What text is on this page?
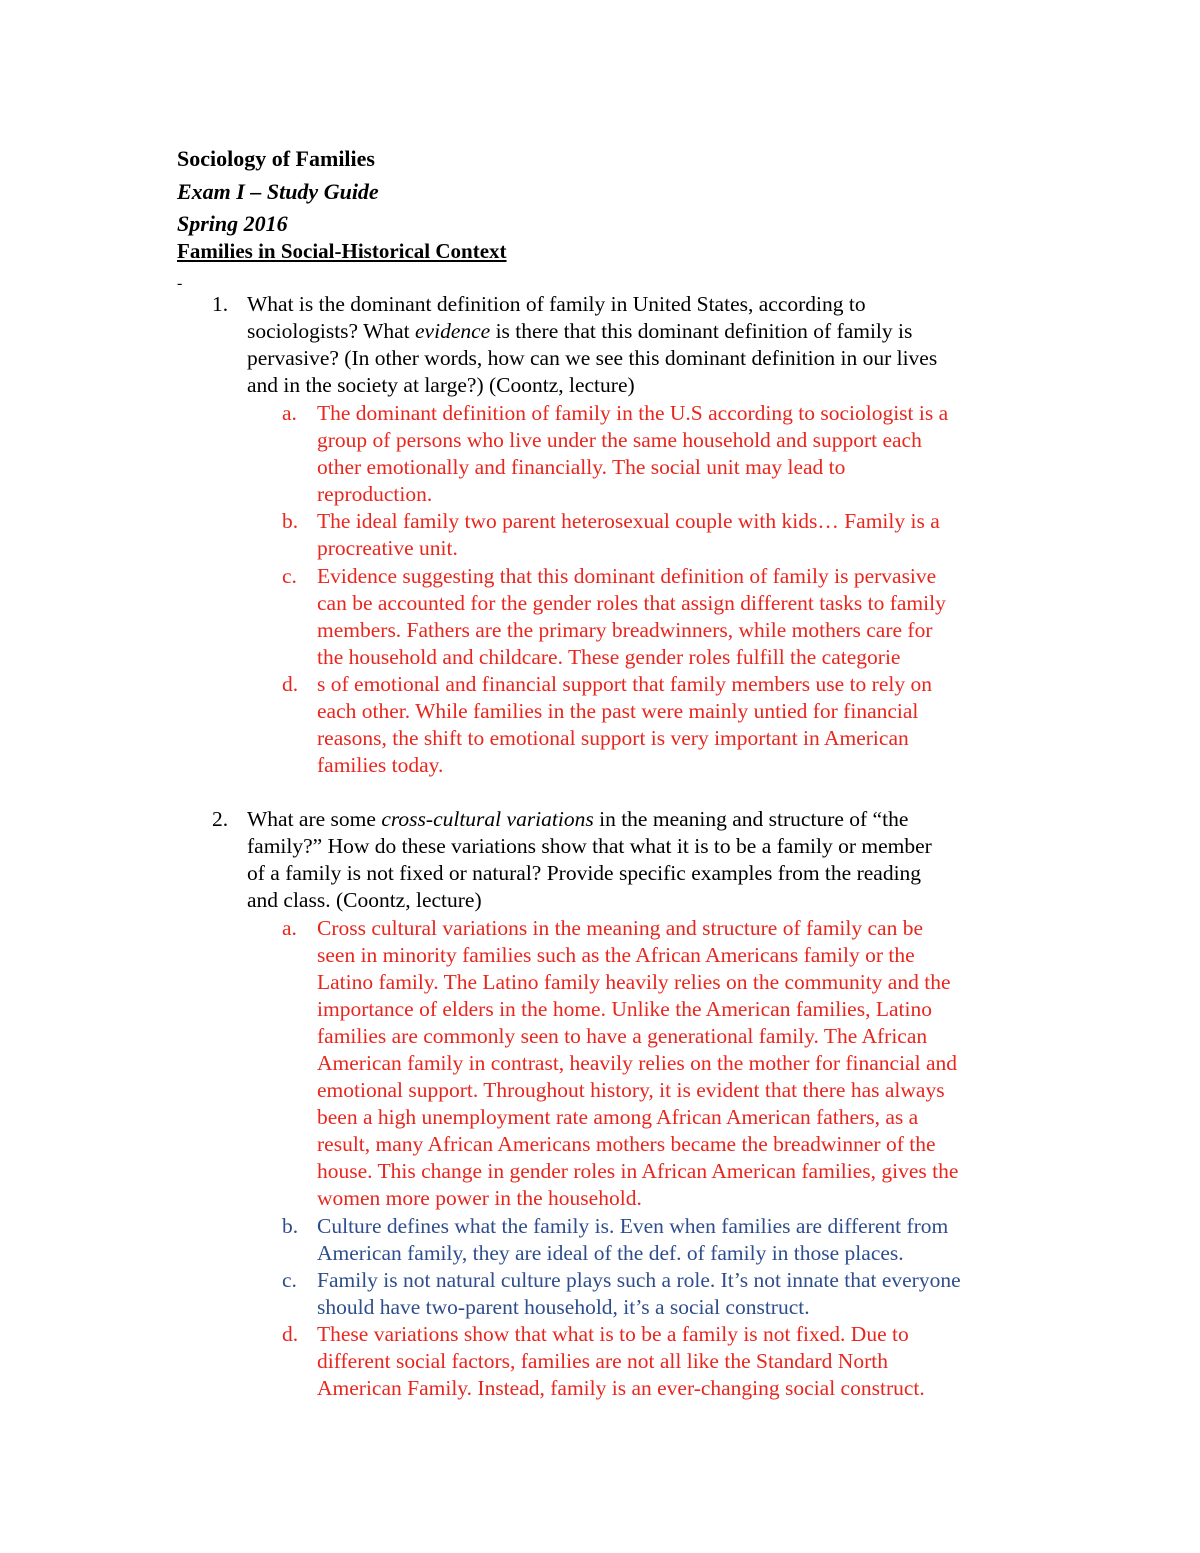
Sociology of Families
Exam I – Study Guide
Spring 2016
Families in Social-Historical Context
-
1. What is the dominant definition of family in United States, according to
sociologists? What evidence is there that this dominant definition of family is
pervasive? (In other words, how can we see this dominant definition in our lives
and in the society at large?) (Coontz, lecture)
a. The dominant definition of family in the U.S according to sociologist is a
group of persons who live under the same household and support each
other emotionally and financially. The social unit may lead to
reproduction.
b. The ideal family two parent heterosexual couple with kids… Family is a
procreative unit.
c. Evidence suggesting that this dominant definition of family is pervasive
can be accounted for the gender roles that assign different tasks to family
members. Fathers are the primary breadwinners, while mothers care for
the household and childcare. These gender roles fulfill the categorie
d. s of emotional and financial support that family members use to rely on
each other. While families in the past were mainly untied for financial
reasons, the shift to emotional support is very important in American
families today.
2. What are some cross-cultural variations in the meaning and structure of “the
family?” How do these variations show that what it is to be a family or member
of a family is not fixed or natural? Provide specific examples from the reading
and class. (Coontz, lecture)
a. Cross cultural variations in the meaning and structure of family can be
seen in minority families such as the African Americans family or the
Latino family. The Latino family heavily relies on the community and the
importance of elders in the home. Unlike the American families, Latino
families are commonly seen to have a generational family. The African
American family in contrast, heavily relies on the mother for financial and
emotional support. Throughout history, it is evident that there has always
been a high unemployment rate among African American fathers, as a
result, many African Americans mothers became the breadwinner of the
house. This change in gender roles in African American families, gives the
women more power in the household.
b. Culture defines what the family is. Even when families are different from
American family, they are ideal of the def. of family in those places.
c. Family is not natural culture plays such a role. It’s not innate that everyone
should have two-parent household, it’s a social construct.
d. These variations show that what is to be a family is not fixed. Due to
different social factors, families are not all like the Standard North
American Family. Instead, family is an ever-changing social construct.
